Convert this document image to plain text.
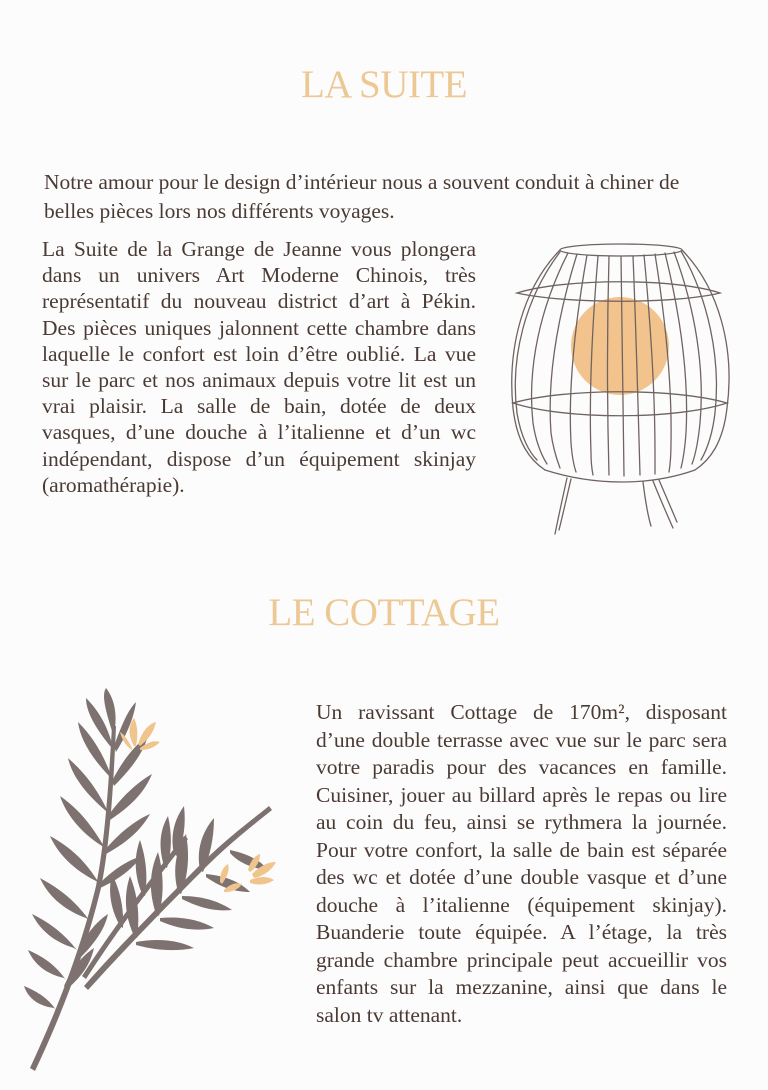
LA SUITE

Notre amour pour le design d’intérieur nous a souvent conduit à chiner de belles pièces lors nos différents voyages.

La Suite de la Grange de Jeanne vous plongera dans un univers Art Moderne Chinois, très représentatif du nouveau district d’art à Pékin. Des pièces uniques jalonnent cette chambre dans laquelle le confort est loin d’être oublié. La vue sur le parc et nos animaux depuis votre lit est un vrai plaisir. La salle de bain, dotée de deux vasques, d’une douche à l’italienne et d’un wc indépendant, dispose d’un équipement skinjay (aromathérapie).

LE COTTAGE

Un ravissant Cottage de 170m², disposant d’une double terrasse avec vue sur le parc sera votre paradis pour des vacances en famille. Cuisiner, jouer au billard après le repas ou lire au coin du feu, ainsi se rythmera la journée. Pour votre confort, la salle de bain est séparée des wc et dotée d’une double vasque et d’une douche à l’italienne (équipement skinjay). Buanderie toute équipée. A l’étage, la très grande chambre principale peut accueillir vos enfants sur la mezzanine, ainsi que dans le salon tv attenant.
